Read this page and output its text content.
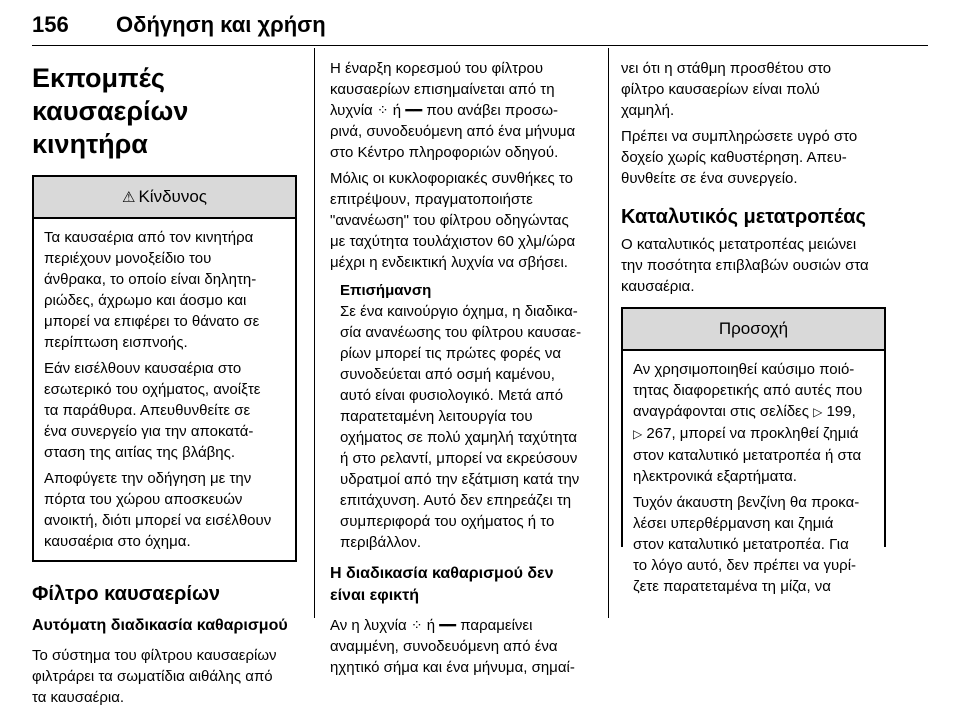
156 Οδήγηση και χρήση
Εκπομπές καυσαερίων
κινητήρα
⚠ Κίνδυνος

Τα καυσαέρια από τον κινητήρα
περιέχουν μονοξείδιο του
άνθρακα, το οποίο είναι δηλητη-
ριώδες, άχρωμο και άοσμο και
μπορεί να επιφέρει το θάνατο σε
περίπτωση εισπνοής.

Εάν εισέλθουν καυσαέρια στο
εσωτερικό του οχήματος, ανοίξτε
τα παράθυρα. Απευθυνθείτε σε
ένα συνεργείο για την αποκατά-
σταση της αιτίας της βλάβης.

Αποφύγετε την οδήγηση με την
πόρτα του χώρου αποσκευών
ανοικτή, διότι μπορεί να εισέλθουν
καυσαέρια στο όχημα.

Φίλτρο καυσαερίων
Αυτόματη διαδικασία καθαρισμού

Το σύστημα του φίλτρου καυσαερίων
φιλτράρει τα σωματίδια αιθάλης από
τα καυσαέρια.

Η έναρξη κορεσμού του φίλτρου
καυσαερίων επισημαίνεται από τη
λυχνία ⁘ ή ━━ που ανάβει προσω-
ρινά, συνοδευόμενη από ένα μήνυμα
στο Κέντρο πληροφοριών οδηγού.

Μόλις οι κυκλοφοριακές συνθήκες το
επιτρέψουν, πραγματοποιήστε
"ανανέωση" του φίλτρου οδηγώντας
με ταχύτητα τουλάχιστον 60 χλμ/ώρα
μέχρι η ενδεικτική λυχνία να σβήσει.

Επισήμανση

Σε ένα καινούργιο όχημα, η διαδικα-
σία ανανέωσης του φίλτρου καυσαε-
ρίων μπορεί τις πρώτες φορές να
συνοδεύεται από οσμή καμένου,
αυτό είναι φυσιολογικό. Μετά από
παρατεταμένη λειτουργία του
οχήματος σε πολύ χαμηλή ταχύτητα
ή στο ρελαντί, μπορεί να εκρεύσουν
υδρατμοί από την εξάτμιση κατά την
επιτάχυνση. Αυτό δεν επηρεάζει τη
συμπεριφορά του οχήματος ή το
περιβάλλον.

Η διαδικασία καθαρισμού δεν
είναι εφικτή

Αν η λυχνία ⁘ ή ━━ παραμείνει
αναμμένη, συνοδευόμενη από ένα
ηχητικό σήμα και ένα μήνυμα, σημαί-

νει ότι η στάθμη προσθέτου στο
φίλτρο καυσαερίων είναι πολύ
χαμηλή.

Πρέπει να συμπληρώσετε υγρό στο
δοχείο χωρίς καθυστέρηση. Απευ-
θυνθείτε σε ένα συνεργείο.

Καταλυτικός μετατροπέας

Ο καταλυτικός μετατροπέας μειώνει
την ποσότητα επιβλαβών ουσιών στα
καυσαέρια.

Προσοχή

Αν χρησιμοποιηθεί καύσιμο ποιό-
τητας διαφορετικής από αυτές που
αναγράφονται στις σελίδες ▷ 199,
▷ 267, μπορεί να προκληθεί ζημιά
στον καταλυτικό μετατροπέα ή στα
ηλεκτρονικά εξαρτήματα.

Τυχόν άκαυστη βενζίνη θα προκα-
λέσει υπερθέρμανση και ζημιά
στον καταλυτικό μετατροπέα. Για
το λόγο αυτό, δεν πρέπει να γυρί-
ζετε παρατεταμένα τη μίζα, να
